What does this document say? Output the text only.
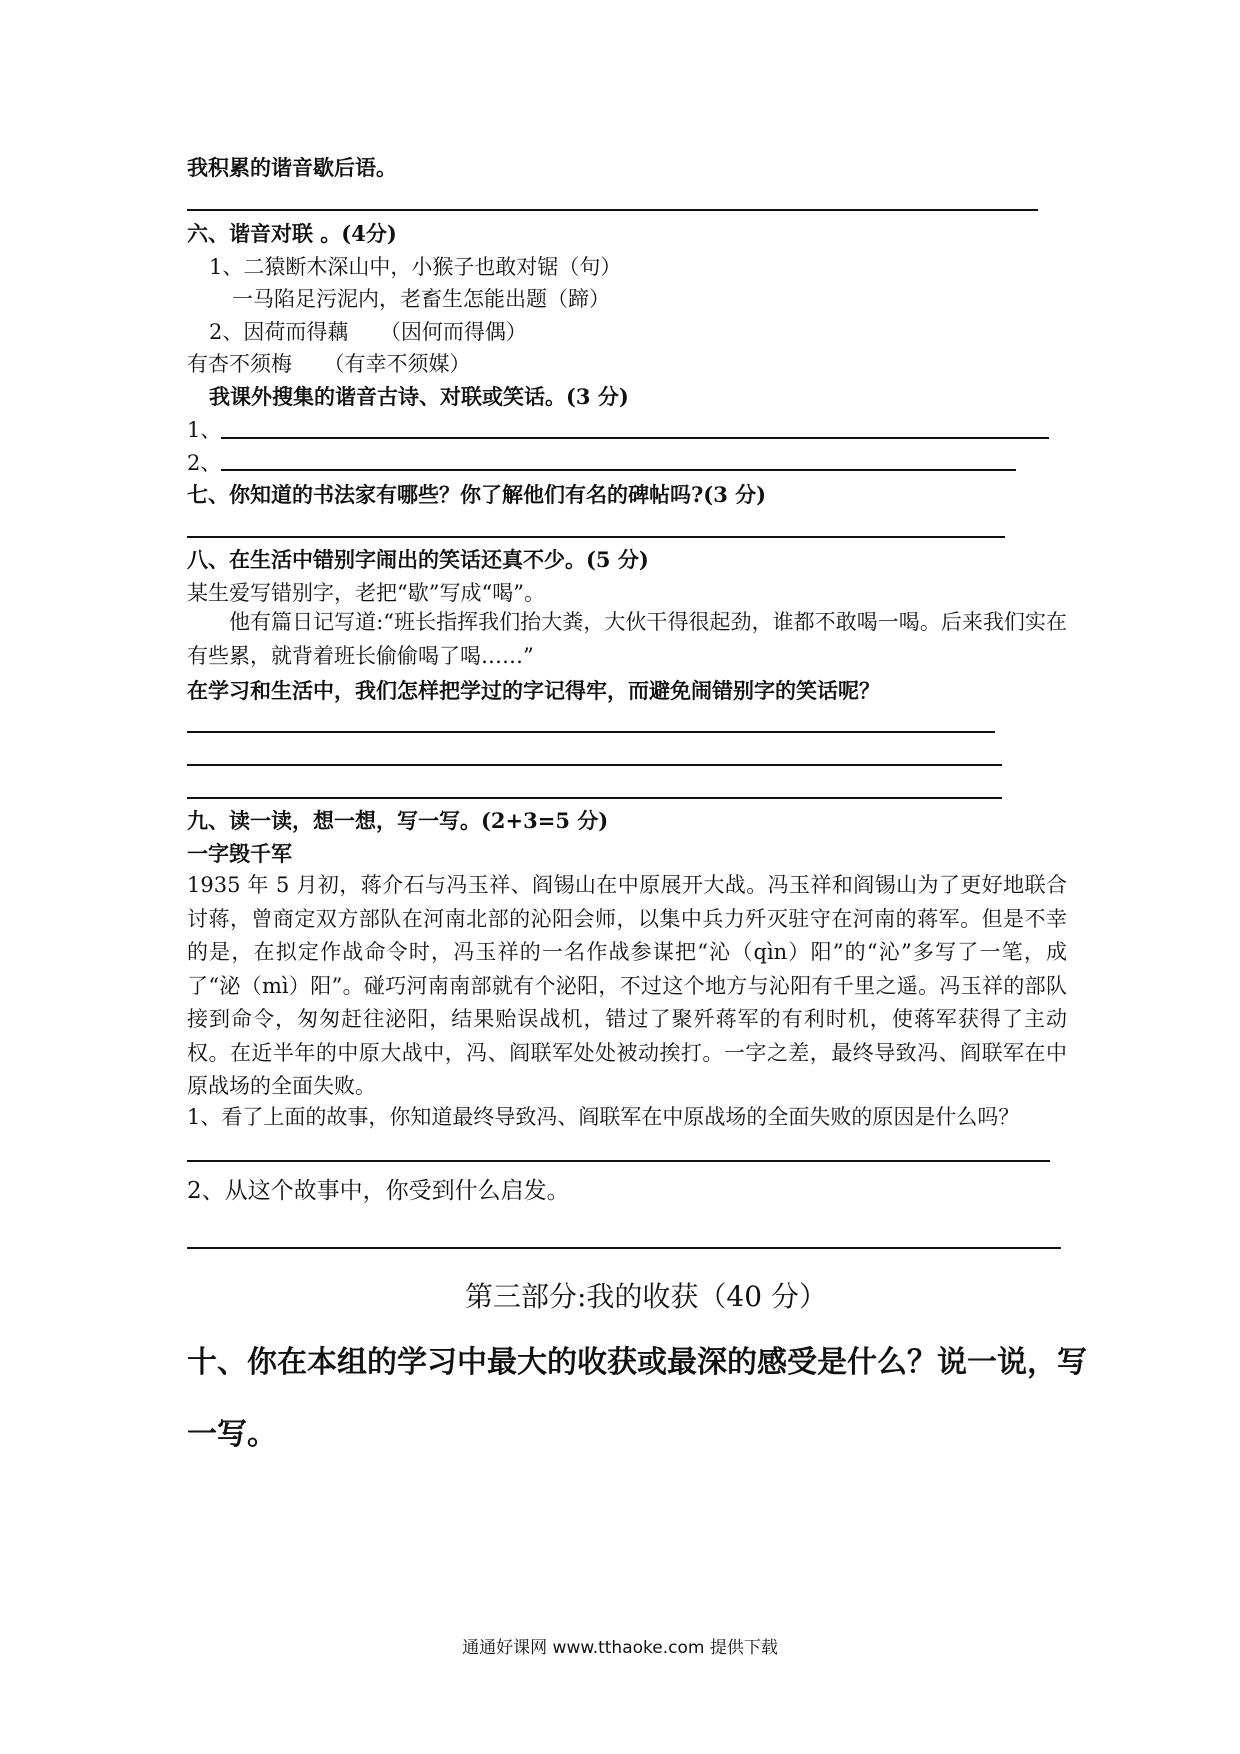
我积累的谐音歇后语。
六、谐音对联 。(4分)
1、二猿断木深山中，小猴子也敢对锯（句）
一马陷足污泥内，老畜生怎能出题（蹄）
2、因荷而得藕　　（因何而得偶）
有杏不须梅　　（有幸不须媒）
我课外搜集的谐音古诗、对联或笑话。(3 分)
1、
2、
七、你知道的书法家有哪些？你了解他们有名的碑帖吗?(3 分)
八、在生活中错别字闹出的笑话还真不少。(5 分)
某生爱写错别字，老把“歇”写成“喝”。
他有篇日记写道:“班长指挥我们抬大粪，大伙干得很起劲，谁都不敢喝一喝。后来我们实在有些累，就背着班长偷偷喝了喝……”
在学习和生活中，我们怎样把学过的字记得牢，而避免闹错别字的笑话呢？
九、读一读，想一想，写一写。(2+3=5 分)
一字毁千军
1935 年 5 月初，蒋介石与冯玉祥、阎锡山在中原展开大战。冯玉祥和阎锡山为了更好地联合讨蒋，曾商定双方部队在河南北部的沁阳会师，以集中兵力歼灭驻守在河南的蒋军。但是不幸的是，在拟定作战命令时，冯玉祥的一名作战参谋把“沁（qìn）阳”的“沁”多写了一笔，成了“泌（mì）阳”。碰巧河南南部就有个泌阳，不过这个地方与沁阳有千里之遥。冯玉祥的部队接到命令，匆匆赶往泌阳，结果贻误战机，错过了聚歼蒋军的有利时机，使蒋军获得了主动权。在近半年的中原大战中，冯、阎联军处处被动挨打。一字之差，最终导致冯、阎联军在中原战场的全面失败。
1、看了上面的故事，你知道最终导致冯、阎联军在中原战场的全面失败的原因是什么吗？
2、从这个故事中，你受到什么启发。
第三部分:我的收获（40 分）
十、你在本组的学习中最大的收获或最深的感受是什么？说一说，写
一写。
通通好课网 www.tthaoke.com 提供下载
